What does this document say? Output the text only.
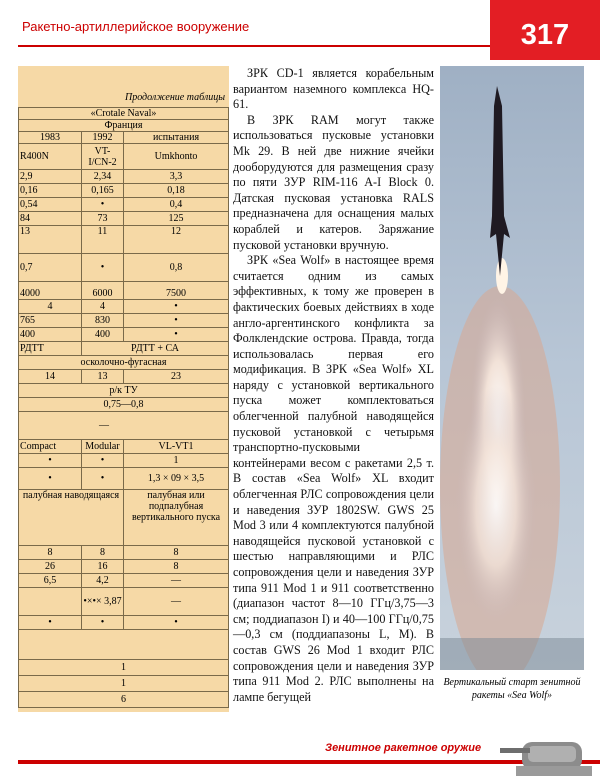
Ракетно-артиллерийское вооружение	317
Продолжение таблицы
«Crotale Naval»		
Франция		
1983	1992	испытания
R400N	VT-I/CN-2	Umkhonto
2,9	2,34	3,3
0,16	0,165	0,18
0,54	•	0,4
84	73	125
13	11	12
0,7	•	0,8
4000	6000	7500
4	4	•
765	830	•
400	400	•
РДТТ	РДТТ + СА	
осколочно-фугасная		
14	13	23
р/к ТУ		
0,75—0,8		
—		
Compact	Modular	VL-VT1
•	•	1
•	•	1,3 × 09 × 3,5
палубная наводящаяся		палубная или подпалубная вертикального пуска
8	8	8
26	16	8
6,5	4,2	—
	•×•× 3,87	—
•	•	•

1		
1		
6		

ЗРК CD-1 является корабельным вариантом наземного комплекса HQ-61.

В ЗРК RAM могут также использоваться пусковые установки Mk 29. В ней две нижние ячейки дооборудуются для размещения сразу по пяти ЗУР RIM-116 A-I Block 0. Датская пусковая установка RALS предназначена для оснащения малых кораблей и катеров. Заряжание пусковой установки вручную.

ЗРК «Sea Wolf» в настоящее время считается одним из самых эффективных, к тому же проверен в фактических боевых действиях в ходе англо-аргентинского конфликта за Фолклендские острова. Правда, тогда использовалась первая его модификация. В ЗРК «Sea Wolf» XL наряду с установкой вертикального пуска может комплектоваться облегченной палубной наводящейся пусковой установкой с четырьмя транспортно-пусковыми контейнерами весом с ракетами 2,5 т. В состав «Sea Wolf» XL входит облегченная РЛС сопровождения цели и наведения ЗУР 1802SW. GWS 25 Mod 3 или 4 комплектуются палубной наводящейся пусковой установкой с шестью направляющими и РЛС сопровождения цели и наведения ЗУР типа 911 Mod 1 и 911 соответственно (диапазон частот 8—10 ГГц/3,75—3 см; поддиапазон I) и 40—100 ГГц/0,75—0,3 см (поддиапазоны L, M). В состав GWS 26 Mod 1 входит РЛС сопровождения цели и наведения ЗУР типа 911 Mod 2. РЛС выполнены на лампе бегущей

Вертикальный старт зенитной ракеты «Sea Wolf»
Зенитное ракетное оружие
